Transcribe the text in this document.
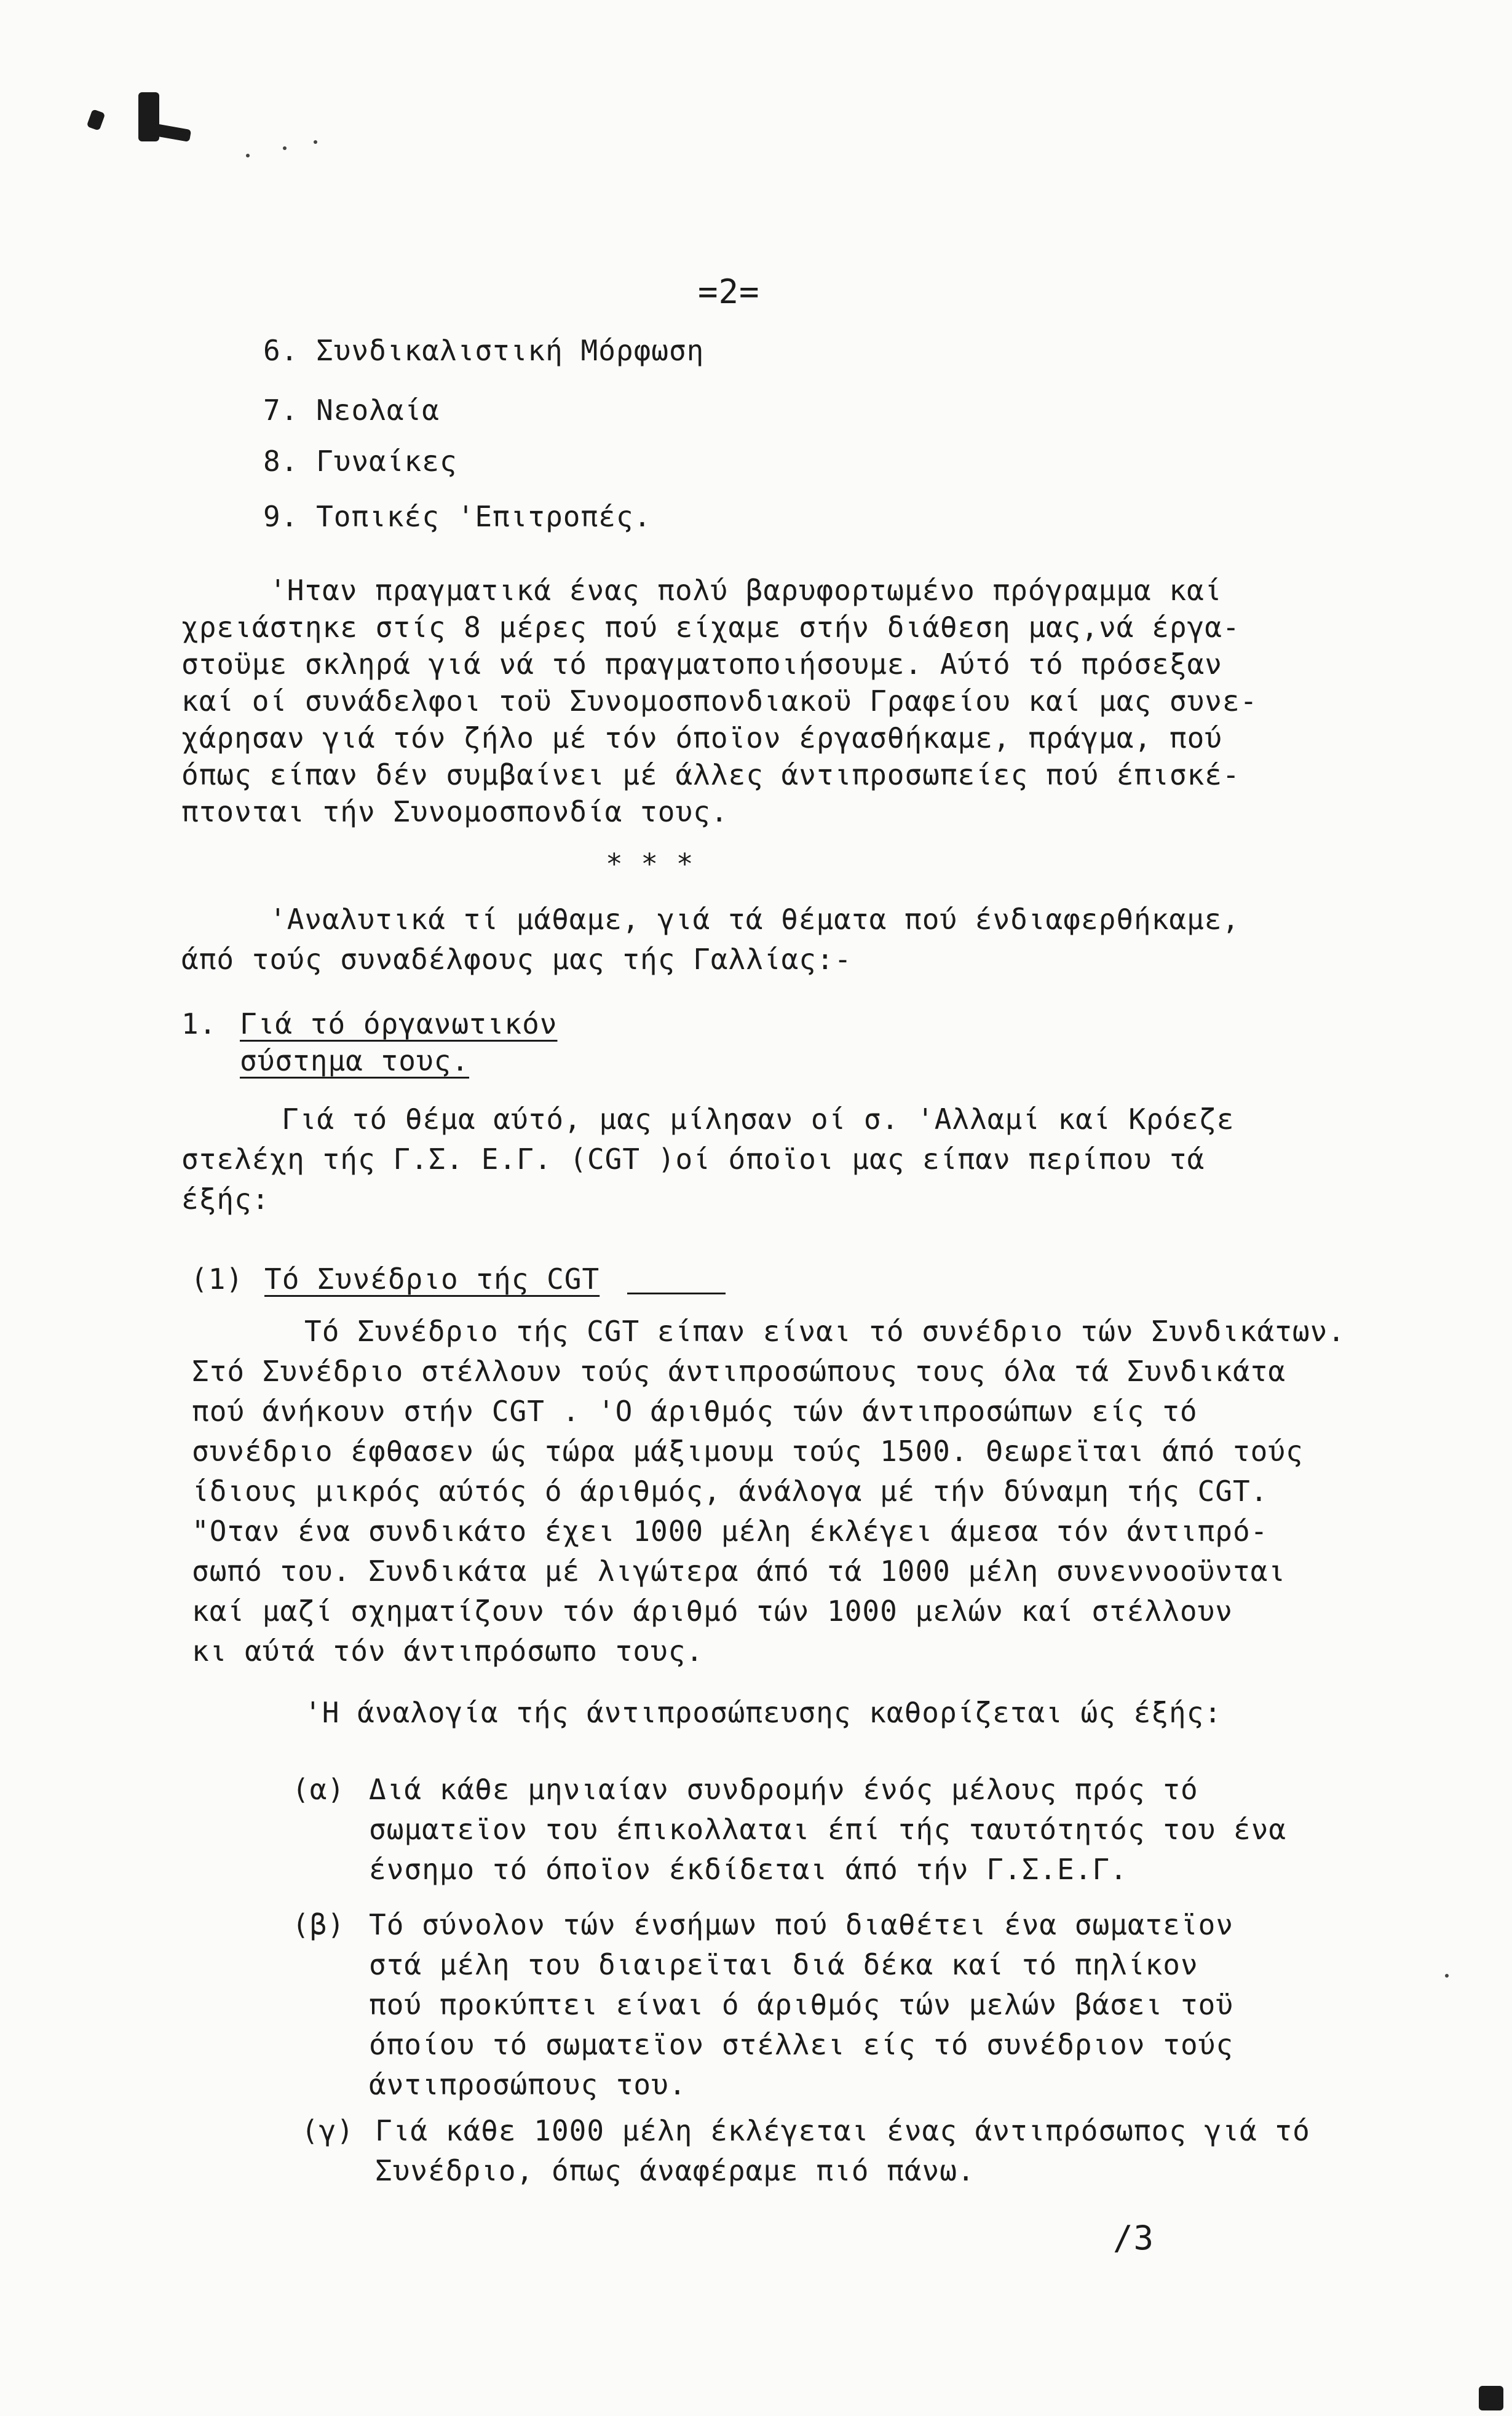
=2=
6. Συνδικαλιστική Μόρφωση
7. Νεολαία
8. Γυναίκες
9. Τοπικές 'Επιτροπές.
'Ηταν πραγματικά ένας πολύ βαρυφορτωμένο πρόγραμμα καί
χρειάστηκε στίς 8 μέρες πού είχαμε στήν διάθεση μας,νά έργα-
στοϋμε σκληρά γιά νά τό πραγματοποιήσουμε. Αύτό τό πρόσεξαν
καί οί συνάδελφοι τοϋ Συνομοσπονδιακοϋ Γραφείου καί μας συνε-
χάρησαν γιά τόν ζήλο μέ τόν όποϊον έργασθήκαμε, πράγμα, πού
όπως είπαν δέν συμβαίνει μέ άλλες άντιπροσωπείες πού έπισκέ-
πτονται τήν Συνομοσπονδία τους.
* * *
'Αναλυτικά τί μάθαμε, γιά τά θέματα πού ένδιαφερθήκαμε,
άπό τούς συναδέλφους μας τής Γαλλίας:-
1. Γιά τό όργανωτικόν
σύστημα τους.
Γιά τό θέμα αύτό, μας μίλησαν οί σ. 'Αλλαμί καί Κρόεζε
στελέχη τής Γ.Σ. Ε.Γ. (CGT )οί όποϊοι μας είπαν περίπου τά
έξής:
(1) Τό Συνέδριο τής CGT
Τό Συνέδριο τής CGT είπαν είναι τό συνέδριο τών Συνδικάτων.
Στό Συνέδριο στέλλουν τούς άντιπροσώπους τους όλα τά Συνδικάτα
πού άνήκουν στήν CGT . 'Ο άριθμός τών άντιπροσώπων είς τό
συνέδριο έφθασεν ώς τώρα μάξιμουμ τούς 1500. Θεωρεϊται άπό τούς
ίδιους μικρός αύτός ό άριθμός, άνάλογα μέ τήν δύναμη τής CGT.
"Οταν ένα συνδικάτο έχει 1000 μέλη έκλέγει άμεσα τόν άντιπρό-
σωπό του. Συνδικάτα μέ λιγώτερα άπό τά 1000 μέλη συνεννοοϋνται
καί μαζί σχηματίζουν τόν άριθμό τών 1000 μελών καί στέλλουν
κι αύτά τόν άντιπρόσωπο τους.
'Η άναλογία τής άντιπροσώπευσης καθορίζεται ώς έξής:
(α) Διά κάθε μηνιαίαν συνδρομήν ένός μέλους πρός τό
σωματεϊον του έπικολλαται έπί τής ταυτότητός του ένα
ένσημο τό όποϊον έκδίδεται άπό τήν Γ.Σ.Ε.Γ.
(β) Τό σύνολον τών ένσήμων πού διαθέτει ένα σωματεϊον
στά μέλη του διαιρεϊται διά δέκα καί τό πηλίκον
πού προκύπτει είναι ό άριθμός τών μελών βάσει τοϋ
όποίου τό σωματεϊον στέλλει είς τό συνέδριον τούς
άντιπροσώπους του.
(γ) Γιά κάθε 1000 μέλη έκλέγεται ένας άντιπρόσωπος γιά τό
Συνέδριο, όπως άναφέραμε πιό πάνω.
/3
